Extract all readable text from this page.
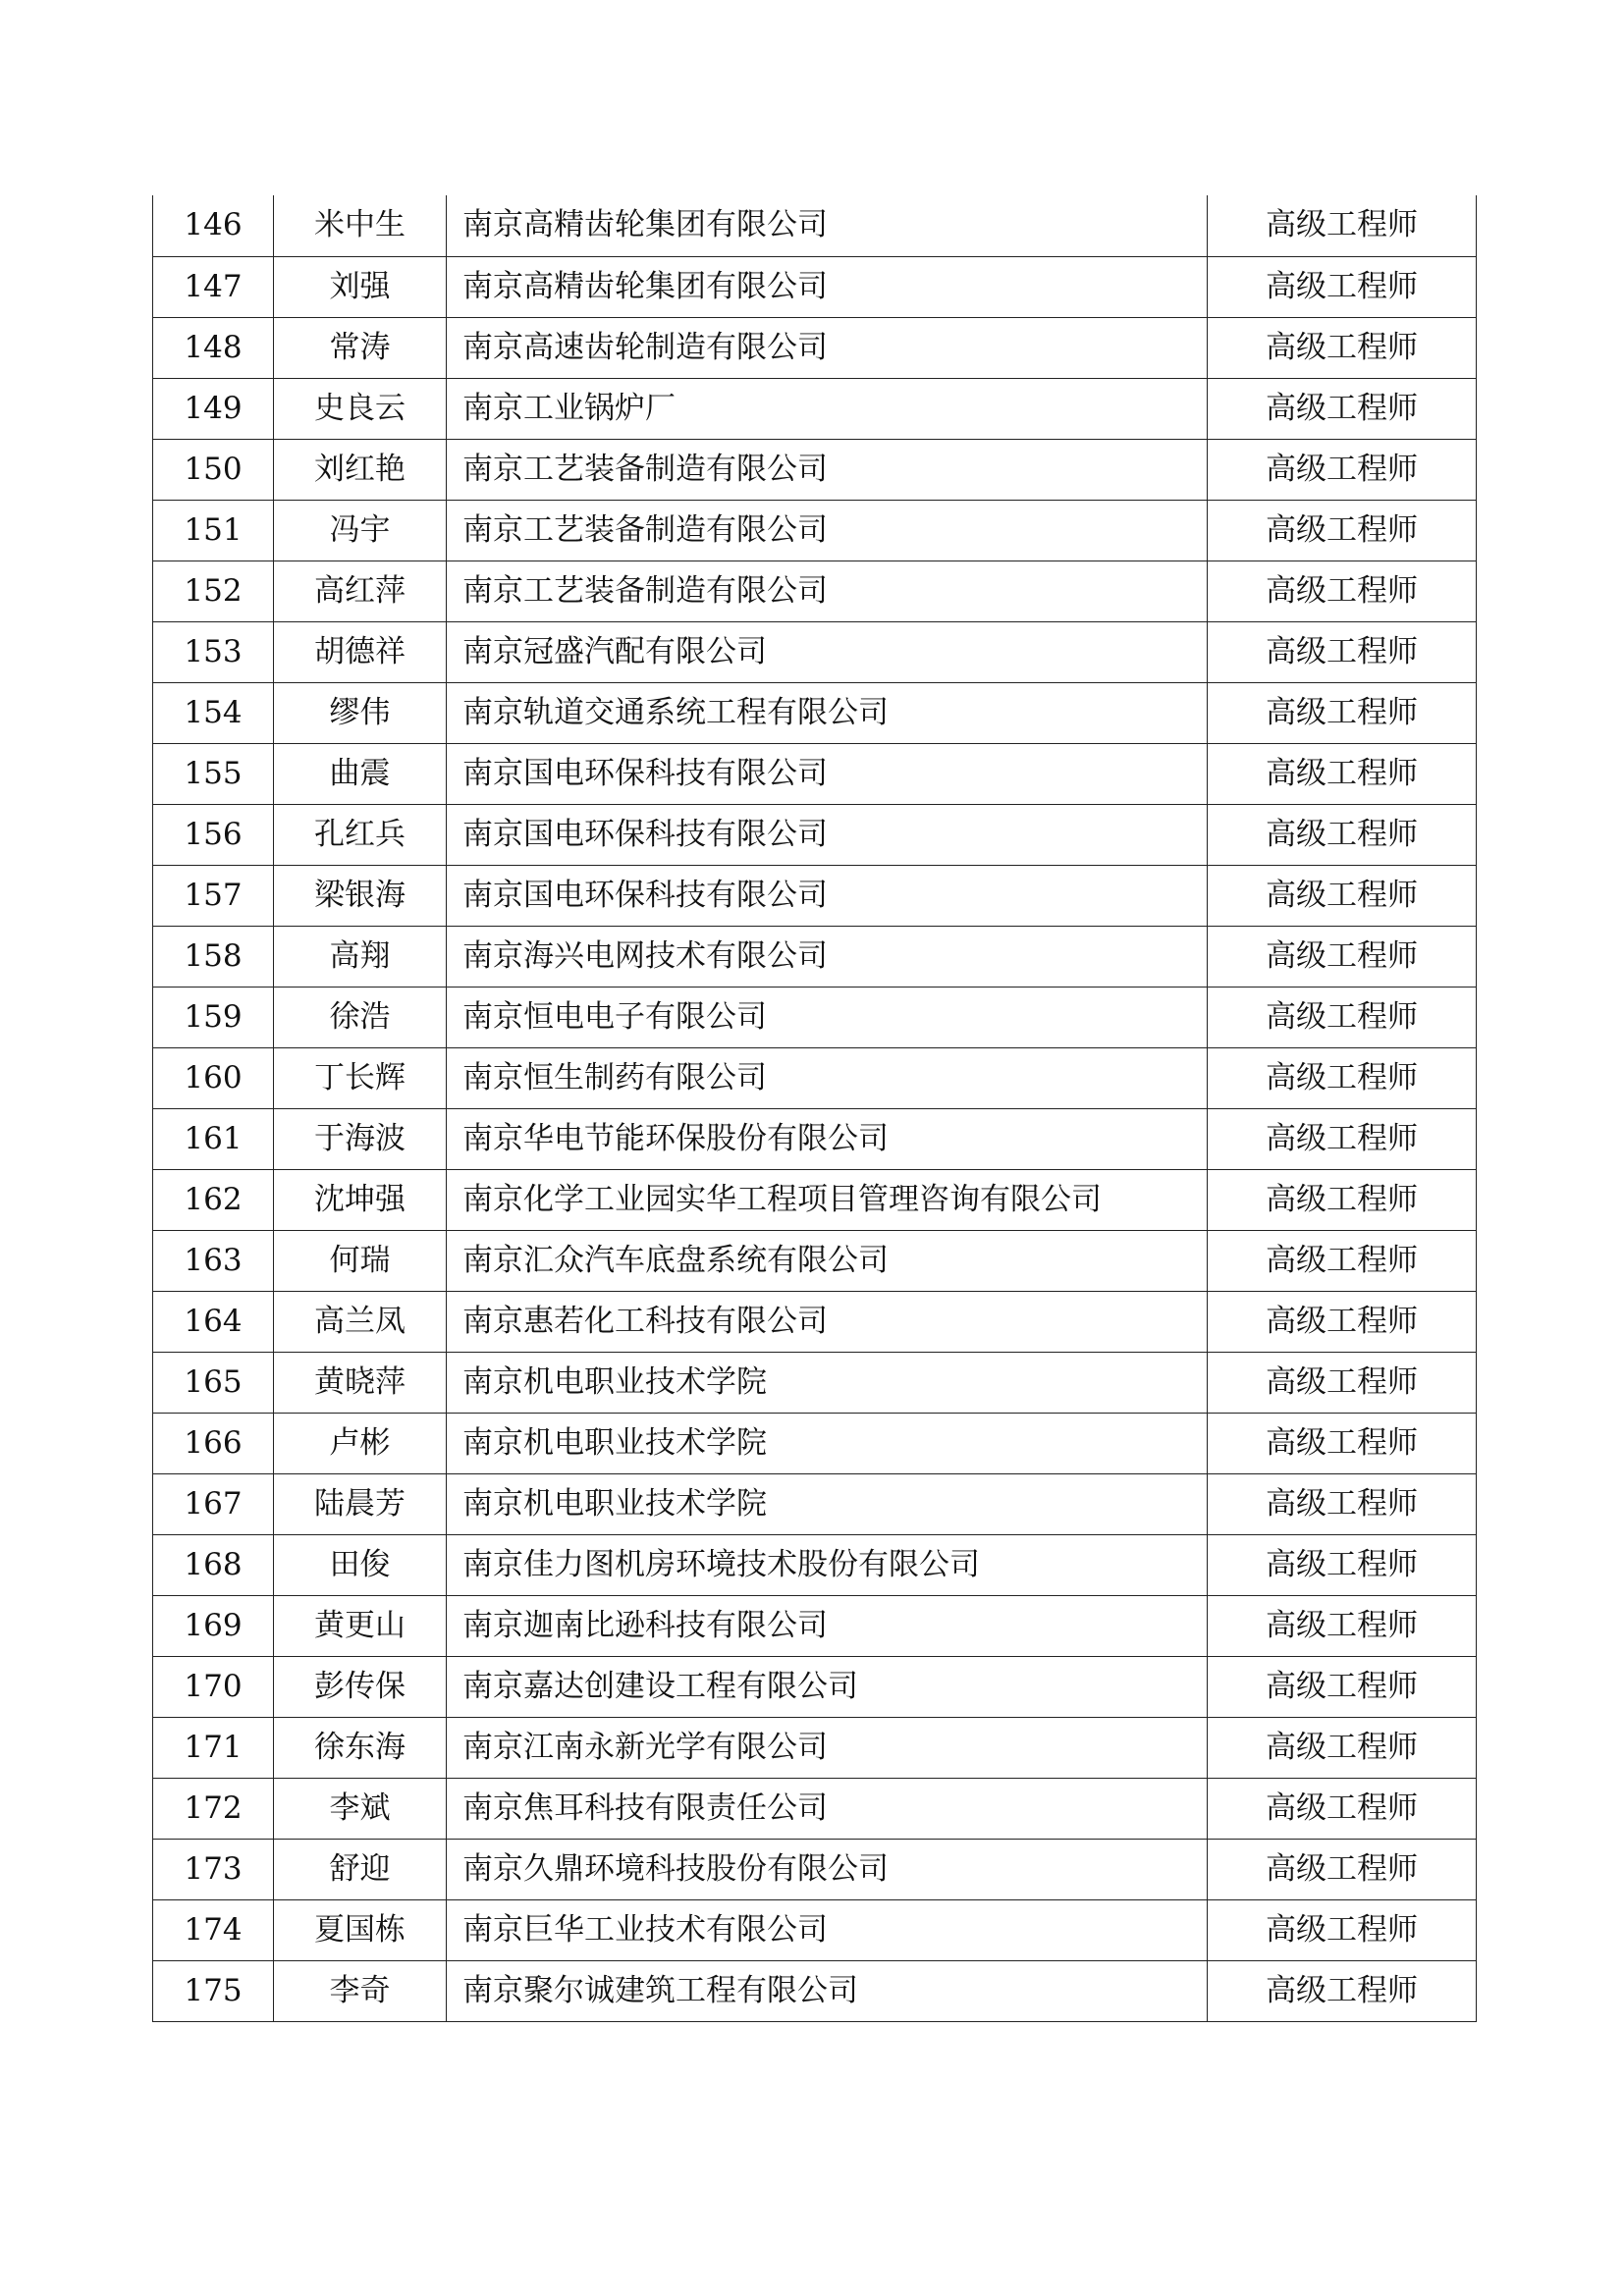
146	米中生	南京高精齿轮集团有限公司	高级工程师
147	刘强	南京高精齿轮集团有限公司	高级工程师
148	常涛	南京高速齿轮制造有限公司	高级工程师
149	史良云	南京工业锅炉厂	高级工程师
150	刘红艳	南京工艺装备制造有限公司	高级工程师
151	冯宇	南京工艺装备制造有限公司	高级工程师
152	高红萍	南京工艺装备制造有限公司	高级工程师
153	胡德祥	南京冠盛汽配有限公司	高级工程师
154	缪伟	南京轨道交通系统工程有限公司	高级工程师
155	曲震	南京国电环保科技有限公司	高级工程师
156	孔红兵	南京国电环保科技有限公司	高级工程师
157	梁银海	南京国电环保科技有限公司	高级工程师
158	高翔	南京海兴电网技术有限公司	高级工程师
159	徐浩	南京恒电电子有限公司	高级工程师
160	丁长辉	南京恒生制药有限公司	高级工程师
161	于海波	南京华电节能环保股份有限公司	高级工程师
162	沈坤强	南京化学工业园实华工程项目管理咨询有限公司	高级工程师
163	何瑞	南京汇众汽车底盘系统有限公司	高级工程师
164	高兰凤	南京惠若化工科技有限公司	高级工程师
165	黄晓萍	南京机电职业技术学院	高级工程师
166	卢彬	南京机电职业技术学院	高级工程师
167	陆晨芳	南京机电职业技术学院	高级工程师
168	田俊	南京佳力图机房环境技术股份有限公司	高级工程师
169	黄更山	南京迦南比逊科技有限公司	高级工程师
170	彭传保	南京嘉达创建设工程有限公司	高级工程师
171	徐东海	南京江南永新光学有限公司	高级工程师
172	李斌	南京焦耳科技有限责任公司	高级工程师
173	舒迎	南京久鼎环境科技股份有限公司	高级工程师
174	夏国栋	南京巨华工业技术有限公司	高级工程师
175	李奇	南京聚尔诚建筑工程有限公司	高级工程师
